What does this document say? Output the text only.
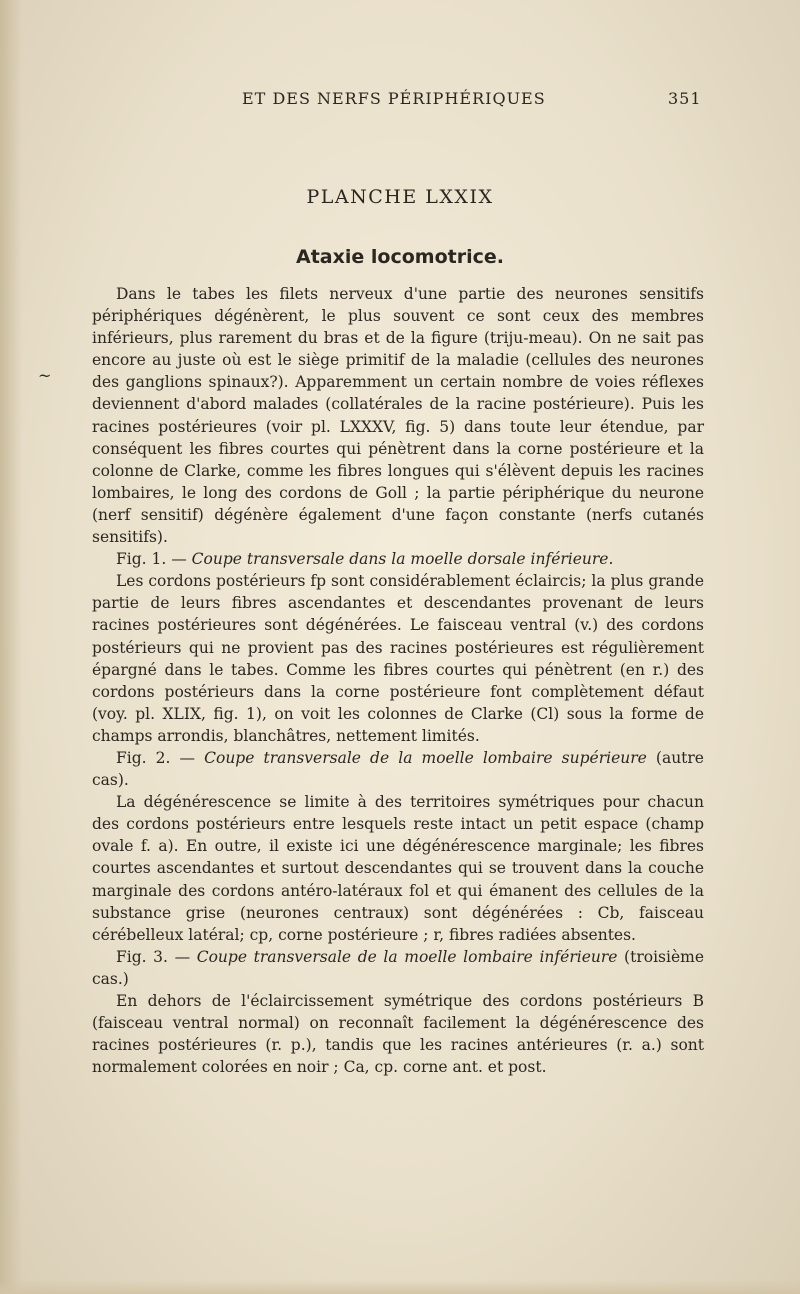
ET DES NERFS PÉRIPHÉRIQUES	351
PLANCHE LXXIX
Ataxie locomotrice.
~

Dans le tabes les filets nerveux d'une partie des neurones sensitifs périphériques dégénèrent, le plus souvent ce sont ceux des membres inférieurs, plus rarement du bras et de la figure (triju-meau). On ne sait pas encore au juste où est le siège primitif de la maladie (cellules des neurones des ganglions spinaux?). Apparemment un certain nombre de voies réflexes deviennent d'abord malades (collatérales de la racine postérieure). Puis les racines postérieures (voir pl. LXXXV, fig. 5) dans toute leur étendue, par conséquent les fibres courtes qui pénètrent dans la corne postérieure et la colonne de Clarke, comme les fibres longues qui s'élèvent depuis les racines lombaires, le long des cordons de Goll ; la partie périphérique du neurone (nerf sensitif) dégénère également d'une façon constante (nerfs cutanés sensitifs).

Fig. 1. — Coupe transversale dans la moelle dorsale inférieure.

Les cordons postérieurs fp sont considérablement éclaircis; la plus grande partie de leurs fibres ascendantes et descendantes provenant de leurs racines postérieures sont dégénérées. Le faisceau ventral (v.) des cordons postérieurs qui ne provient pas des racines postérieures est régulièrement épargné dans le tabes. Comme les fibres courtes qui pénètrent (en r.) des cordons postérieurs dans la corne postérieure font complètement défaut (voy. pl. XLIX, fig. 1), on voit les colonnes de Clarke (Cl) sous la forme de champs arrondis, blanchâtres, nettement limités.

Fig. 2. — Coupe transversale de la moelle lombaire supérieure (autre cas).

La dégénérescence se limite à des territoires symétriques pour chacun des cordons postérieurs entre lesquels reste intact un petit espace (champ ovale f. a). En outre, il existe ici une dégénérescence marginale; les fibres courtes ascendantes et surtout descendantes qui se trouvent dans la couche marginale des cordons antéro-latéraux fol et qui émanent des cellules de la substance grise (neurones centraux) sont dégénérées : Cb, faisceau cérébelleux latéral; cp, corne postérieure ; r, fibres radiées absentes.

Fig. 3. — Coupe transversale de la moelle lombaire inférieure (troisième cas.)

En dehors de l'éclaircissement symétrique des cordons postérieurs B (faisceau ventral normal) on reconnaît facilement la dégénérescence des racines postérieures (r. p.), tandis que les racines antérieures (r. a.) sont normalement colorées en noir ; Ca, cp. corne ant. et post.
